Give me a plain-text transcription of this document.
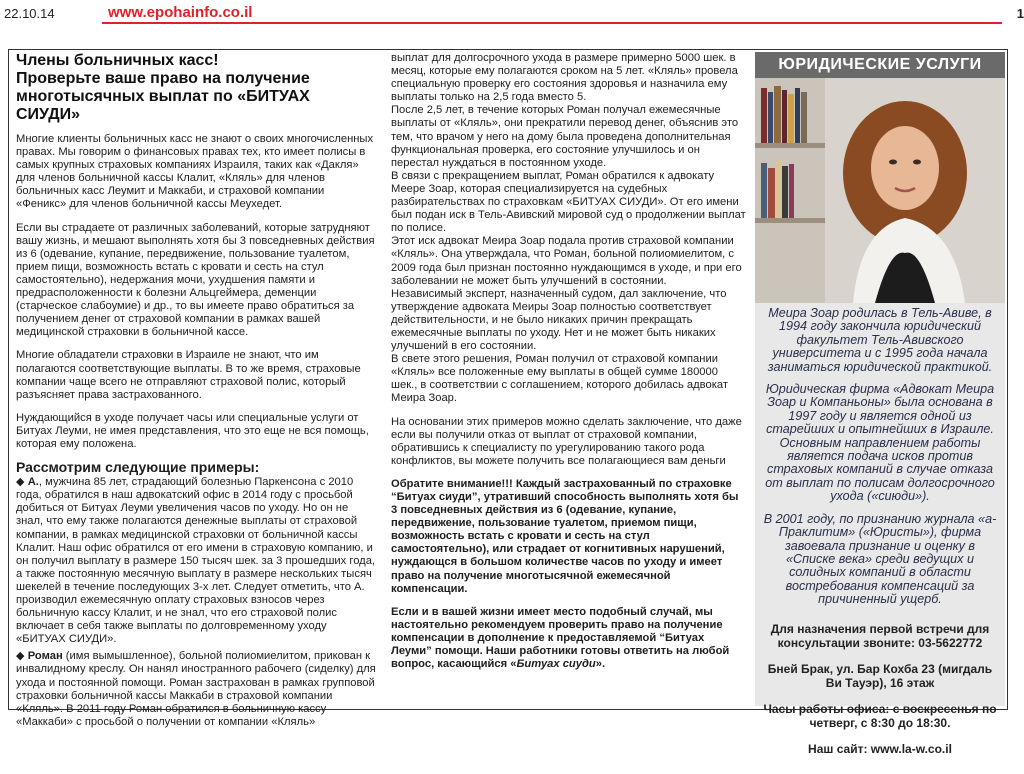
22.10.14	www.epohainfo.co.il	1
Члены больничных касс!
Проверьте ваше право на получение многотысячных выплат по «БИТУАХ СИУДИ»

Многие клиенты больничных касс не знают о своих многочисленных правах. Мы говорим о финансовых правах тех, кто имеет полисы в самых крупных страховых компаниях Израиля, таких как «Дакля» для членов больничной кассы Клалит, «Кляль» для членов больничных касс Леумит и Маккаби, и страховой компании «Феникс» для членов больничной кассы Меухедет.

Если вы страдаете от различных заболеваний, которые затрудняют вашу жизнь, и мешают выполнять хотя бы 3 повседневных действия из 6 (одевание, купание, передвижение, пользование туалетом, прием пищи, возможность встать с кровати и сесть на стул самостоятельно), недержания мочи, ухудшения памяти и предрасположенности к болезни Альцгеймера, деменции (старческое слабоумие) и др., то вы имеете право обратиться за получением денег от страховой компании в рамках вашей медицинской страховки в больничной кассе.

Многие обладатели страховки в Израиле не знают, что им полагаются соответствующие выплаты. В то же время, страховые компании чаще всего не отправляют страховой полис, который разъясняет права застрахованного.

Нуждающийся в уходе получает часы или специальные услуги от Битуах Леуми, не имея представления, что это еще не вся помощь, которая ему положена.

Рассмотрим следующие примеры:

◆ А., мужчина 85 лет, страдающий болезнью Паркенсона с 2010 года, обратился в наш адвокатский офис в 2014 году с просьбой добиться от Битуах Леуми увеличения часов по уходу. Но он не знал, что ему также полагаются денежные выплаты от страховой компании, в рамках медицинской страховки от больничной кассы Клалит. Наш офис обратился от его имени в страховую компанию, и он получил выплату в размере 150 тысяч шек. за 3 прошедших года, а также постоянную месячную выплату в размере нескольких тысяч шекелей в течение последующих 3-х лет. Следует отметить, что А. производил ежемесячную оплату страховых взносов через больничную кассу Клалит, и не знал, что его страховой полис включает в себя также выплаты по долговременному уходу «БИТУАХ СИУДИ».

◆ Роман (имя вымышленное), больной полиомиелитом, прикован к инвалидному креслу. Он нанял иностранного рабочего (сиделку) для ухода и постоянной помощи. Роман застрахован в рамках групповой страховки больничной кассы Маккаби в страховой компании «Кляль». В 2011 году Роман обратился в больничную кассу «Маккаби» с просьбой о получении от компании «Кляль»

выплат для долгосрочного ухода в размере примерно 5000 шек. в месяц, которые ему полагаются сроком на 5 лет. «Кляль» провела специальную проверку его состояния здоровья и назначила ему выплаты только на 2,5 года вместо 5.
После 2,5 лет, в течение которых Роман получал ежемесячные выплаты от «Кляль», они прекратили перевод денег, объяснив это тем, что врачом у него на дому была проведена дополнительная функциональная проверка, его состояние улучшилось и он перестал нуждаться в постоянном уходе.
В связи с прекращением выплат, Роман обратился к адвокату Меере Зоар, которая специализируется на судебных разбирательствах по страховкам «БИТУАХ СИУДИ». От его имени был подан иск в Тель-Авивский мировой суд о продолжении выплат по полисе.
Этот иск адвокат Меира Зоар подала против страховой компании «Кляль». Она утверждала, что Роман, больной полиомиелитом, с 2009 года был признан постоянно нуждающимся в уходе, и при его заболевании не может быть улучшений в состоянии.
Независимый эксперт, назначенный судом, дал заключение, что утверждение адвоката Меиры Зоар полностью соответствует действительности, и не было никаких причин прекращать ежемесячные выплаты по уходу. Нет и не может быть никаких улучшений в его состоянии.
В свете этого решения, Роман получил от страховой компании «Кляль» все положенные ему выплаты в общей сумме 180000 шек., в соответствии с соглашением, которого добилась адвокат Меира Зоар.

На основании этих примеров можно сделать заключение, что даже если вы получили отказ от выплат от страховой компании, обратившись к специалисту по урегулированию такого рода конфликтов, вы можете получить все полагающиеся вам деньги

Обратите внимание!!! Каждый застрахованный по страховке “Битуах сиуди”, утративший способность выполнять хотя бы 3 повседневных действия из 6 (одевание, купание, передвижение, пользование туалетом, приемом пищи, возможность встать с кровати и сесть на стул самостоятельно), или страдает от когнитивных нарушений, нуждающся в большом количестве часов по уходу и имеет право на получение многотысячной ежемесячной компенсации.

Если и в вашей жизни имеет место подобный случай, мы настоятельно рекомендуем проверить право на получение компенсации в дополнение к предоставляемой “Битуах Леуми” помощи. Наши работники готовы ответить на любой вопрос, касающийся «Битуах сиуди».

ЮРИДИЧЕСКИЕ УСЛУГИ

Меира Зоар родилась в Тель-Авиве, в 1994 году закончила юридический факультет Тель-Авивского университета и с 1995 года начала заниматься юридической практикой.

Юридическая фирма «Адвокат Меира Зоар и Компаньоны» была основана в 1997 году и является одной из старейших и опытнейших в Израиле. Основным направлением работы является подача исков против страховых компаний в случае отказа от выплат по полисам долгосрочного ухода («сиюди»).

В 2001 году, по признанию журнала «а-Праклитим» («Юристы»), фирма завоевала признание и оценку в «Списке века» среди ведущих и солидных компаний в области востребования компенсаций за причиненный ущерб.

Для назначения первой встречи для консультации звоните: 03-5622772

Бней Брак, ул. Бар Кохба 23 (мигдаль Ви Тауэр), 16 этаж

Часы работы офиса: с воскресенья по четверг, с 8:30 до 18:30.

Наш сайт: www.la-w.co.il
